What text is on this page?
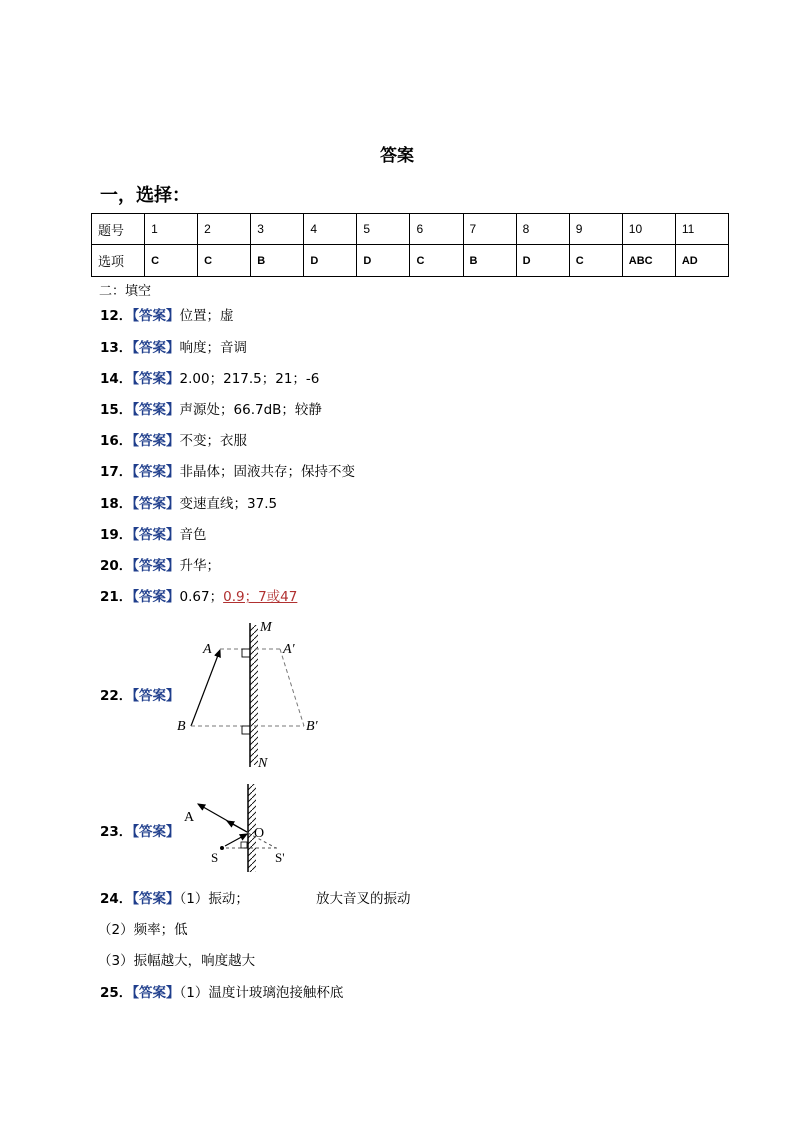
答案
一，选择：
题号	1	2	3	4	5	6	7	8	9	10	11
选项	C	C	B	D	D	C	B	D	C	ABC	AD
二：填空
12．【答案】位置；虚
13．【答案】响度；音调
14．【答案】2.00；217.5；21；-6
15．【答案】声源处；66.7dB；较静
16．【答案】不变；衣服
17．【答案】非晶体；固液共存；保持不变
18．【答案】变速直线；37.5
19．【答案】音色
20．【答案】升华；
21．【答案】0.67；0.9；7或47
22．【答案】
A	A′
B	B′
M
N
23．【答案】
A
O
S	S'
24．【答案】（1）振动；	放大音叉的振动
（2）频率；低
（3）振幅越大，响度越大
25．【答案】（1）温度计玻璃泡接触杯底
